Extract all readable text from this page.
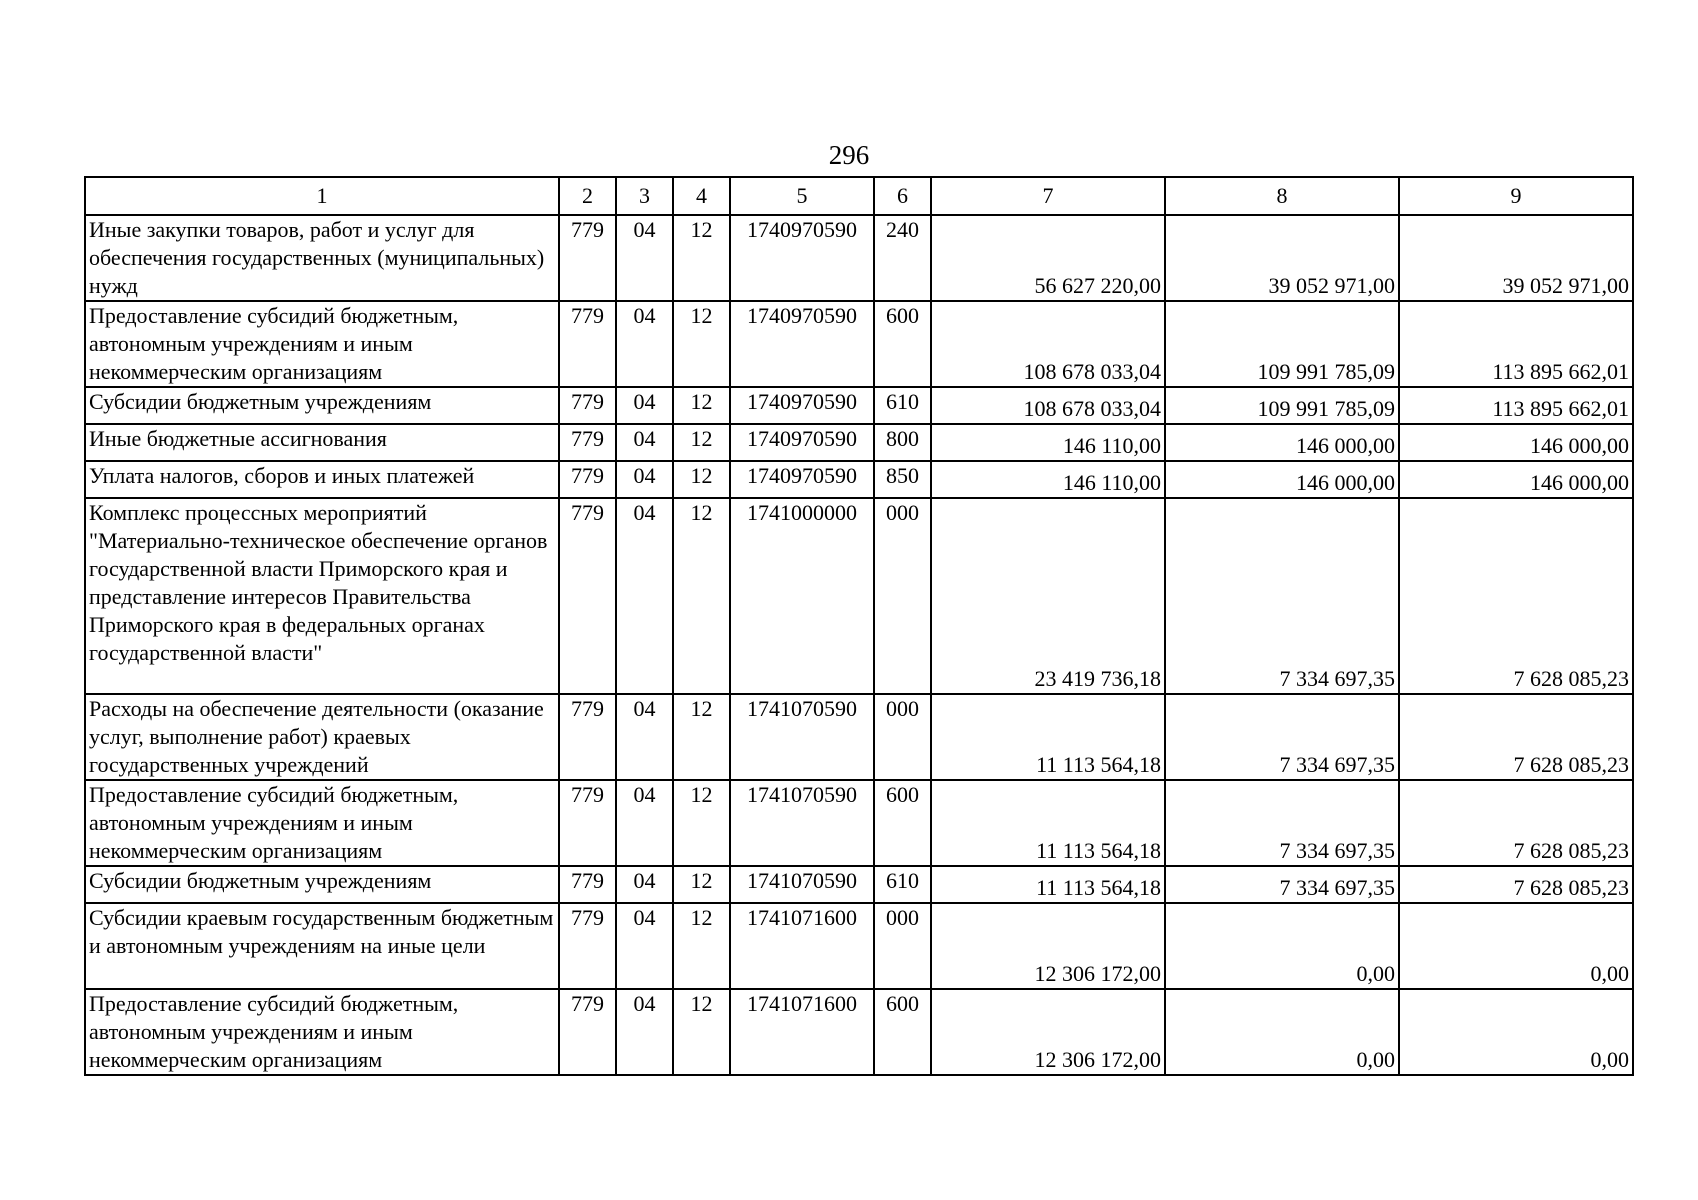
296
1	2	3	4	5	6	7	8	9
Иные закупки товаров, работ и услуг для обеспечения государственных (муниципальных) нужд	779	04	12	1740970590	240	56 627 220,00	39 052 971,00	39 052 971,00
Предоставление субсидий бюджетным, автономным учреждениям и иным некоммерческим организациям	779	04	12	1740970590	600	108 678 033,04	109 991 785,09	113 895 662,01
Субсидии бюджетным учреждениям	779	04	12	1740970590	610	108 678 033,04	109 991 785,09	113 895 662,01
Иные бюджетные ассигнования	779	04	12	1740970590	800	146 110,00	146 000,00	146 000,00
Уплата налогов, сборов и иных платежей	779	04	12	1740970590	850	146 110,00	146 000,00	146 000,00
Комплекс процессных мероприятий "Материально-техническое обеспечение органов государственной власти Приморского края и представление интересов Правительства Приморского края в федеральных органах государственной власти"	779	04	12	1741000000	000	23 419 736,18	7 334 697,35	7 628 085,23
Расходы на обеспечение деятельности (оказание услуг, выполнение работ) краевых государственных учреждений	779	04	12	1741070590	000	11 113 564,18	7 334 697,35	7 628 085,23
Предоставление субсидий бюджетным, автономным учреждениям и иным некоммерческим организациям	779	04	12	1741070590	600	11 113 564,18	7 334 697,35	7 628 085,23
Субсидии бюджетным учреждениям	779	04	12	1741070590	610	11 113 564,18	7 334 697,35	7 628 085,23
Субсидии краевым государственным бюджетным и автономным учреждениям на иные цели	779	04	12	1741071600	000	12 306 172,00	0,00	0,00
Предоставление субсидий бюджетным, автономным учреждениям и иным некоммерческим организациям	779	04	12	1741071600	600	12 306 172,00	0,00	0,00
